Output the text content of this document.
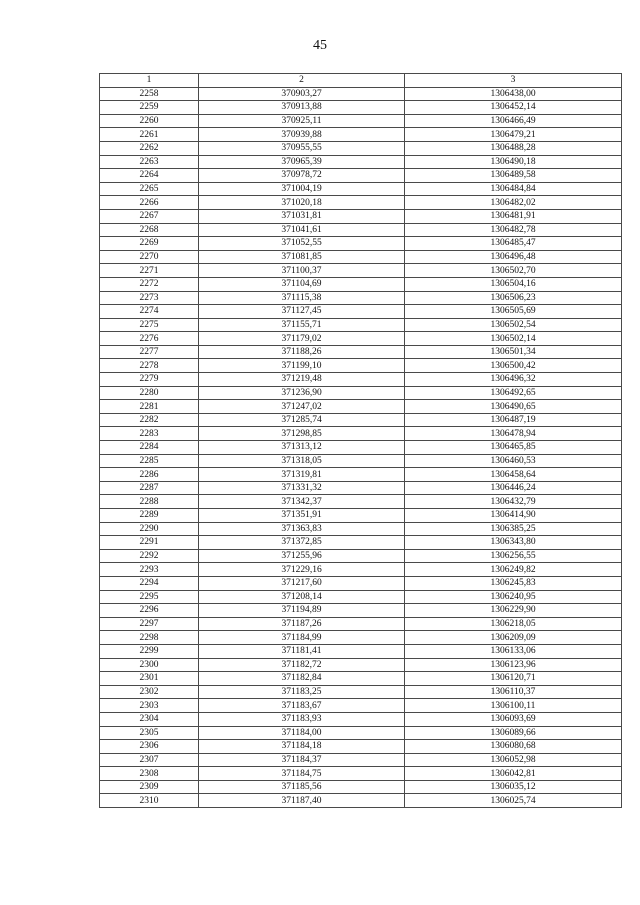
45
1	2	3
2258	370903,27	1306438,00
2259	370913,88	1306452,14
2260	370925,11	1306466,49
2261	370939,88	1306479,21
2262	370955,55	1306488,28
2263	370965,39	1306490,18
2264	370978,72	1306489,58
2265	371004,19	1306484,84
2266	371020,18	1306482,02
2267	371031,81	1306481,91
2268	371041,61	1306482,78
2269	371052,55	1306485,47
2270	371081,85	1306496,48
2271	371100,37	1306502,70
2272	371104,69	1306504,16
2273	371115,38	1306506,23
2274	371127,45	1306505,69
2275	371155,71	1306502,54
2276	371179,02	1306502,14
2277	371188,26	1306501,34
2278	371199,10	1306500,42
2279	371219,48	1306496,32
2280	371236,90	1306492,65
2281	371247,02	1306490,65
2282	371285,74	1306487,19
2283	371298,85	1306478,94
2284	371313,12	1306465,85
2285	371318,05	1306460,53
2286	371319,81	1306458,64
2287	371331,32	1306446,24
2288	371342,37	1306432,79
2289	371351,91	1306414,90
2290	371363,83	1306385,25
2291	371372,85	1306343,80
2292	371255,96	1306256,55
2293	371229,16	1306249,82
2294	371217,60	1306245,83
2295	371208,14	1306240,95
2296	371194,89	1306229,90
2297	371187,26	1306218,05
2298	371184,99	1306209,09
2299	371181,41	1306133,06
2300	371182,72	1306123,96
2301	371182,84	1306120,71
2302	371183,25	1306110,37
2303	371183,67	1306100,11
2304	371183,93	1306093,69
2305	371184,00	1306089,66
2306	371184,18	1306080,68
2307	371184,37	1306052,98
2308	371184,75	1306042,81
2309	371185,56	1306035,12
2310	371187,40	1306025,74
